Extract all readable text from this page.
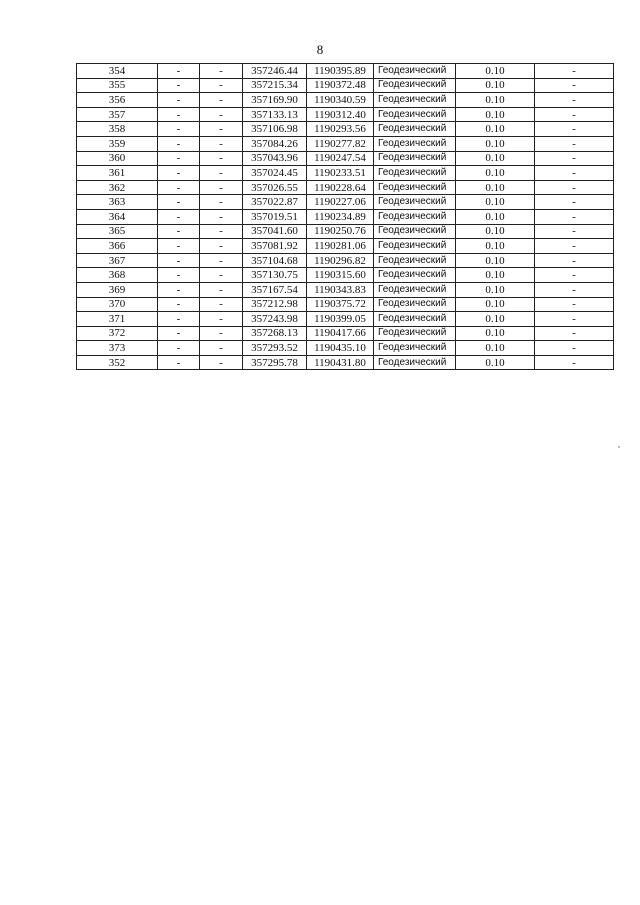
8
354	-	-	357246.44	1190395.89	Геодезический	0.10	-
355	-	-	357215.34	1190372.48	Геодезический	0.10	-
356	-	-	357169.90	1190340.59	Геодезический	0.10	-
357	-	-	357133.13	1190312.40	Геодезический	0.10	-
358	-	-	357106.98	1190293.56	Геодезический	0.10	-
359	-	-	357084.26	1190277.82	Геодезический	0.10	-
360	-	-	357043.96	1190247.54	Геодезический	0.10	-
361	-	-	357024.45	1190233.51	Геодезический	0.10	-
362	-	-	357026.55	1190228.64	Геодезический	0.10	-
363	-	-	357022.87	1190227.06	Геодезический	0.10	-
364	-	-	357019.51	1190234.89	Геодезический	0.10	-
365	-	-	357041.60	1190250.76	Геодезический	0.10	-
366	-	-	357081.92	1190281.06	Геодезический	0.10	-
367	-	-	357104.68	1190296.82	Геодезический	0.10	-
368	-	-	357130.75	1190315.60	Геодезический	0.10	-
369	-	-	357167.54	1190343.83	Геодезический	0.10	-
370	-	-	357212.98	1190375.72	Геодезический	0.10	-
371	-	-	357243.98	1190399.05	Геодезический	0.10	-
372	-	-	357268.13	1190417.66	Геодезический	0.10	-
373	-	-	357293.52	1190435.10	Геодезический	0.10	-
352	-	-	357295.78	1190431.80	Геодезический	0.10	-
